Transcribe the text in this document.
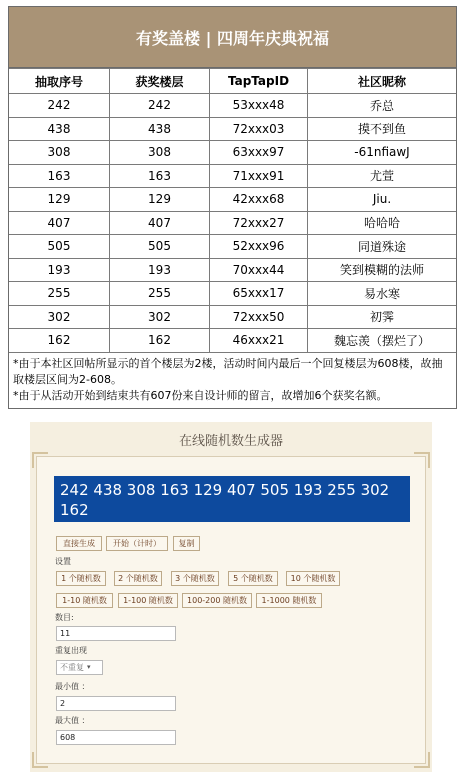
有奖盖楼 | 四周年庆典祝福
抽取序号	获奖楼层	TapTapID	社区昵称
242	242	53xxx48	乔总
438	438	72xxx03	摸不到鱼
308	308	63xxx97	-61nfiawJ
163	163	71xxx91	尤萱
129	129	42xxx68	Jiu.
407	407	72xxx27	哈哈哈
505	505	52xxx96	同道殊途
193	193	70xxx44	笑到模糊的法师
255	255	65xxx17	易水寒
302	302	72xxx50	初霁
162	162	46xxx21	魏忘羡（摆烂了）
*由于本社区回帖所显示的首个楼层为2楼，活动时间内最后一个回复楼层为608楼，故抽取楼层区间为2-608。
*由于从活动开始到结束共有607份来自设计师的留言，故增加6个获奖名额。
在线随机数生成器
242 438 308 163 129 407 505 193 255 302 162
直接生成	开始（计时）	复制
设置
1 个随机数	2 个随机数	3 个随机数	5 个随机数	10 个随机数
1-10 随机数	1-100 随机数	100-200 随机数	1-1000 随机数
数目:
11
重复出现
不重复 ▾
最小值 ：
2
最大值 ：
608
